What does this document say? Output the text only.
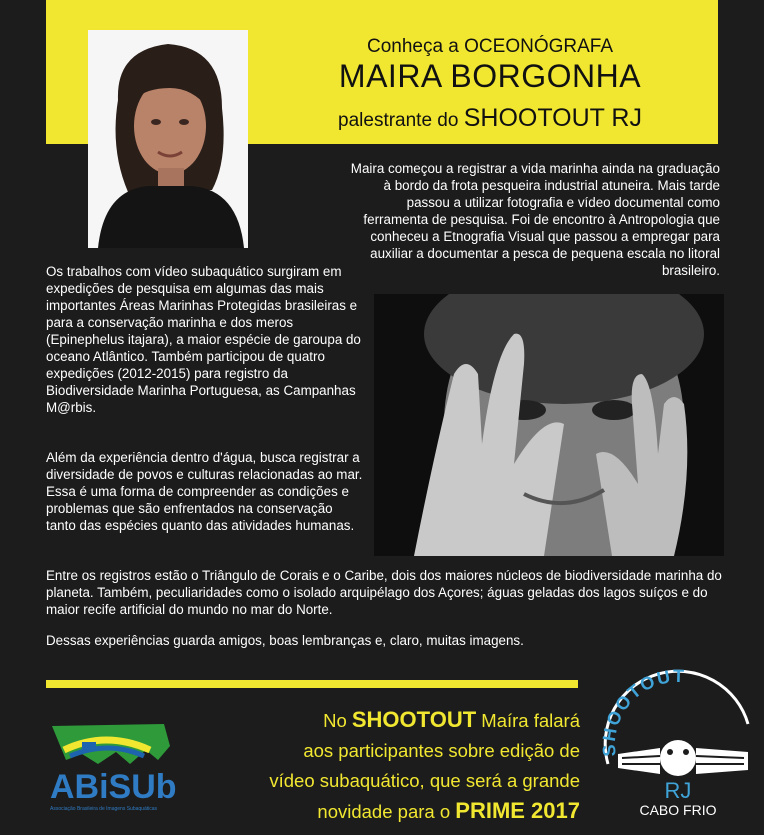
Conheça a OCEONÓGRAFA
MAIRA BORGONHA
palestrante do SHOOTOUT RJ
Maira começou a registrar a vida marinha ainda na graduação à bordo da frota pesqueira industrial atuneira. Mais tarde passou a utilizar fotografia e vídeo documental como ferramenta de pesquisa. Foi de encontro à Antropologia que conheceu a Etnografia Visual que passou a empregar para auxiliar a documentar a pesca de pequena escala no litoral brasileiro.
Os trabalhos com vídeo subaquático surgiram em expedições de pesquisa em algumas das mais importantes Áreas Marinhas Protegidas brasileiras e para a conservação marinha e dos meros (Epinephelus itajara), a maior espécie de garoupa do oceano Atlântico. Também participou de quatro expedições (2012-2015) para registro da Biodiversidade Marinha Portuguesa, as Campanhas M@rbis.
Além da experiência dentro d'água, busca registrar a diversidade de povos e culturas relacionadas ao mar. Essa é uma forma de compreender as condições e problemas que são enfrentados na conservação tanto das espécies quanto das atividades humanas.
Entre os registros estão o Triângulo de Corais e o Caribe, dois dos maiores núcleos de biodiversidade marinha do planeta. Também, peculiaridades como o isolado arquipélago dos Açores; águas geladas dos lagos suíços e do maior recife artificial do mundo no mar do Norte.
Dessas experiências guarda amigos, boas lembranças e, claro, muitas imagens.
ABiSUb
Associação Brasileira de Imagens Subaquáticas
No SHOOTOUT Maíra falará
aos participantes sobre edição de
vídeo subaquático, que será a grande
novidade para o PRIME 2017
SHOOTOUT
RJ
CABO FRIO
